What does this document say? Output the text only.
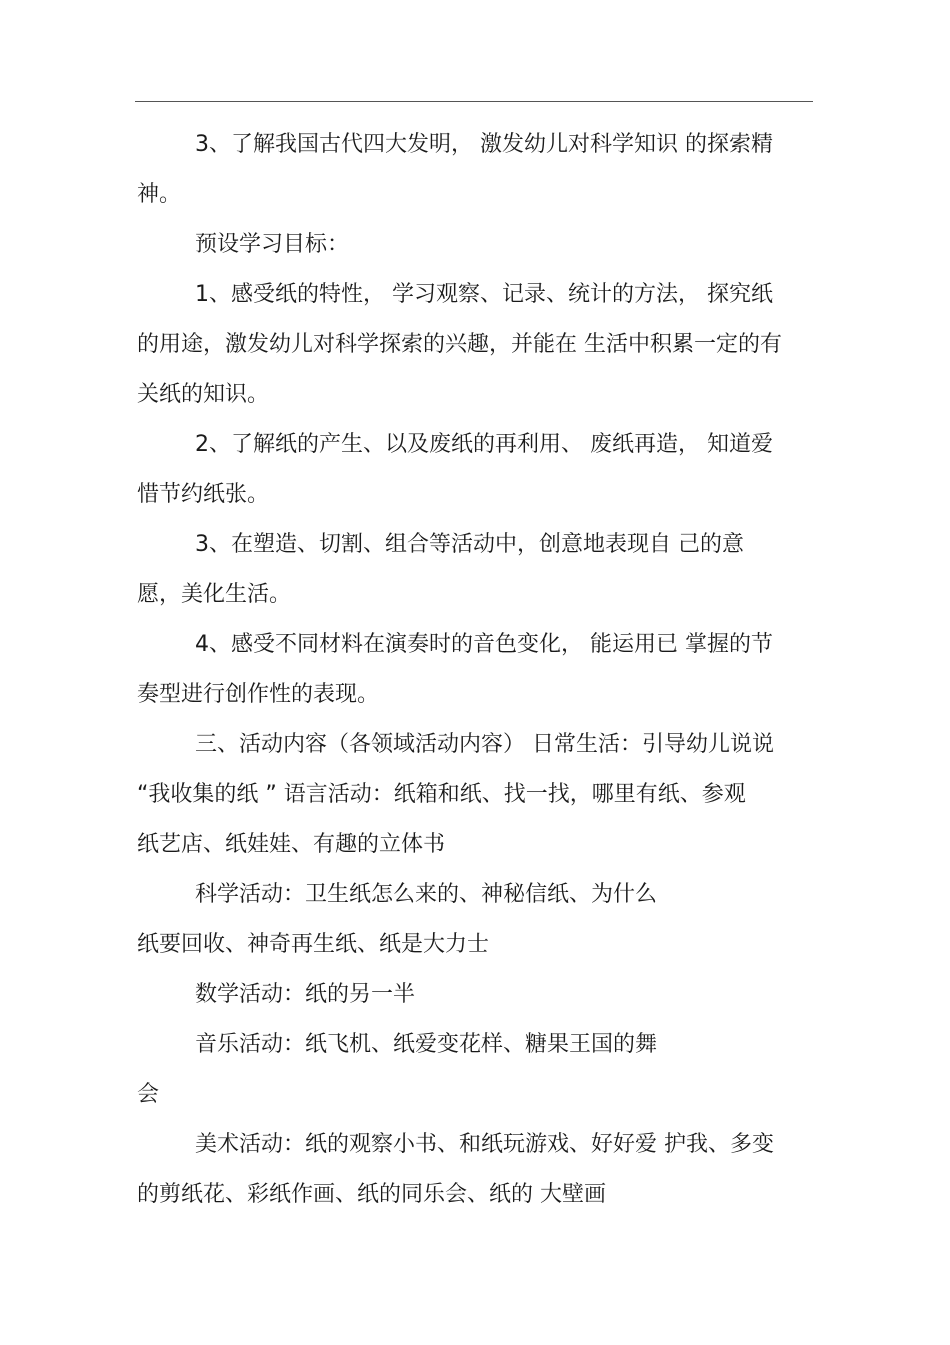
3、了解我国古代四大发明， 激发幼儿对科学知识 的探索精
神。
预设学习目标：
1、感受纸的特性， 学习观察、记录、统计的方法， 探究纸
的用途，激发幼儿对科学探索的兴趣，并能在 生活中积累一定的有
关纸的知识。
2、了解纸的产生、以及废纸的再利用、 废纸再造， 知道爱
惜节约纸张。
3、在塑造、切割、组合等活动中，创意地表现自 己的意
愿，美化生活。
4、感受不同材料在演奏时的音色变化， 能运用已 掌握的节
奏型进行创作性的表现。
三、活动内容（各领域活动内容） 日常生活：引导幼儿说说
“我收集的纸 ” 语言活动：纸箱和纸、找一找，哪里有纸、参观
纸艺店、纸娃娃、有趣的立体书
科学活动：卫生纸怎么来的、神秘信纸、为什么
纸要回收、神奇再生纸、纸是大力士
数学活动：纸的另一半
音乐活动：纸飞机、纸爱变花样、糖果王国的舞
会
美术活动：纸的观察小书、和纸玩游戏、好好爱 护我、多变
的剪纸花、彩纸作画、纸的同乐会、纸的 大壁画
